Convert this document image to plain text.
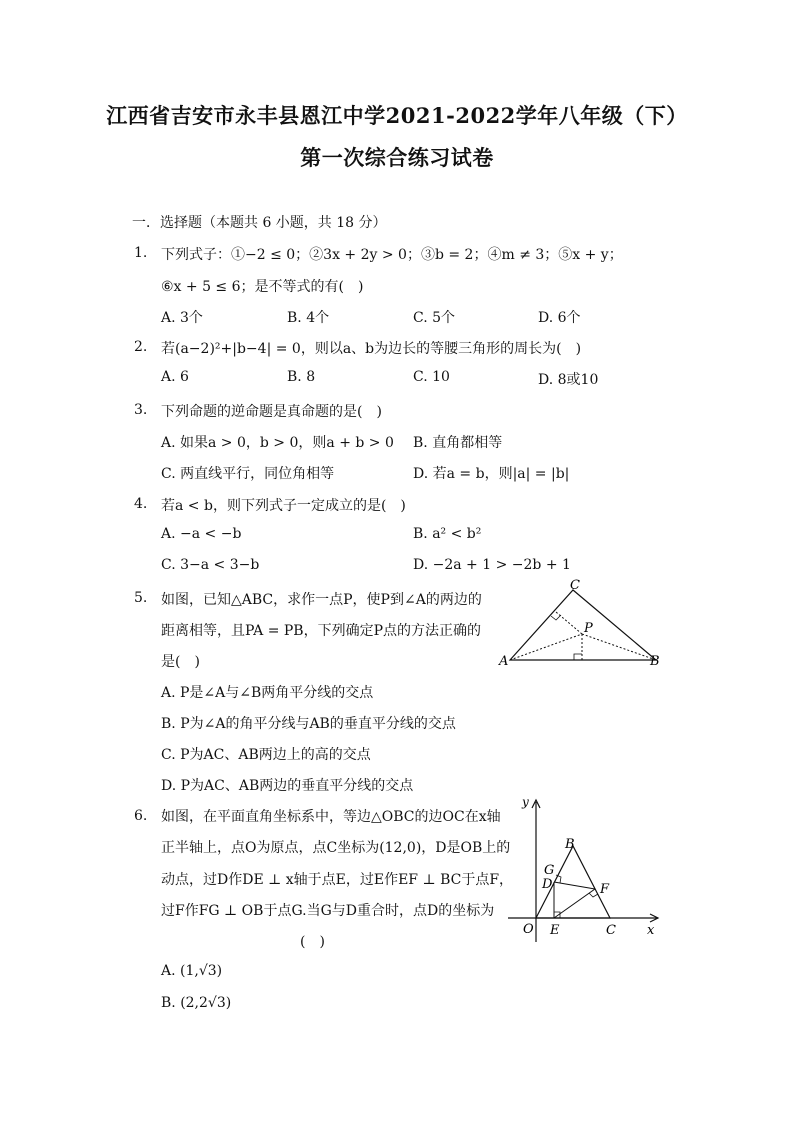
江西省吉安市永丰县恩江中学2021-2022学年八年级（下）
第一次综合练习试卷
一．选择题（本题共 6 小题，共 18 分）
1. 下列式子：①−2 ≤ 0；②3x + 2y > 0；③b = 2；④m ≠ 3；⑤x + y；
⑥x + 5 ≤ 6；是不等式的有(　)
A. 3个	B. 4个	C. 5个	D. 6个
2. 若(a−2)²+|b−4| = 0，则以a、b为边长的等腰三角形的周长为(　)
A. 6	B. 8	C. 10	D. 8或10
3. 下列命题的逆命题是真命题的是(　)
A. 如果a > 0，b > 0，则a + b > 0 B. 直角都相等
C. 两直线平行，同位角相等	D. 若a = b，则|a| = |b|
4. 若a < b，则下列式子一定成立的是(　)
A. −a < −b	B. a² < b²
C. 3−a < 3−b	D. −2a + 1 > −2b + 1
5. 如图，已知△ABC，求作一点P，使P到∠A的两边的
距离相等，且PA = PB，下列确定P点的方法正确的
是(　)
A. P是∠A与∠B两角平分线的交点
B. P为∠A的角平分线与AB的垂直平分线的交点
C. P为AC、AB两边上的高的交点
D. P为AC、AB两边的垂直平分线的交点
A	B
C
P
6. 如图，在平面直角坐标系中，等边△OBC的边OC在x轴
正半轴上，点O为原点，点C坐标为(12,0)，D是OB上的
动点，过D作DE ⊥ x轴于点E，过E作EF ⊥ BC于点F，
过F作FG ⊥ OB于点G.当G与D重合时，点D的坐标为
(　)
A. (1,√3)
B. (2,2√3)
y
x
O
B
C
D
E
F
G
